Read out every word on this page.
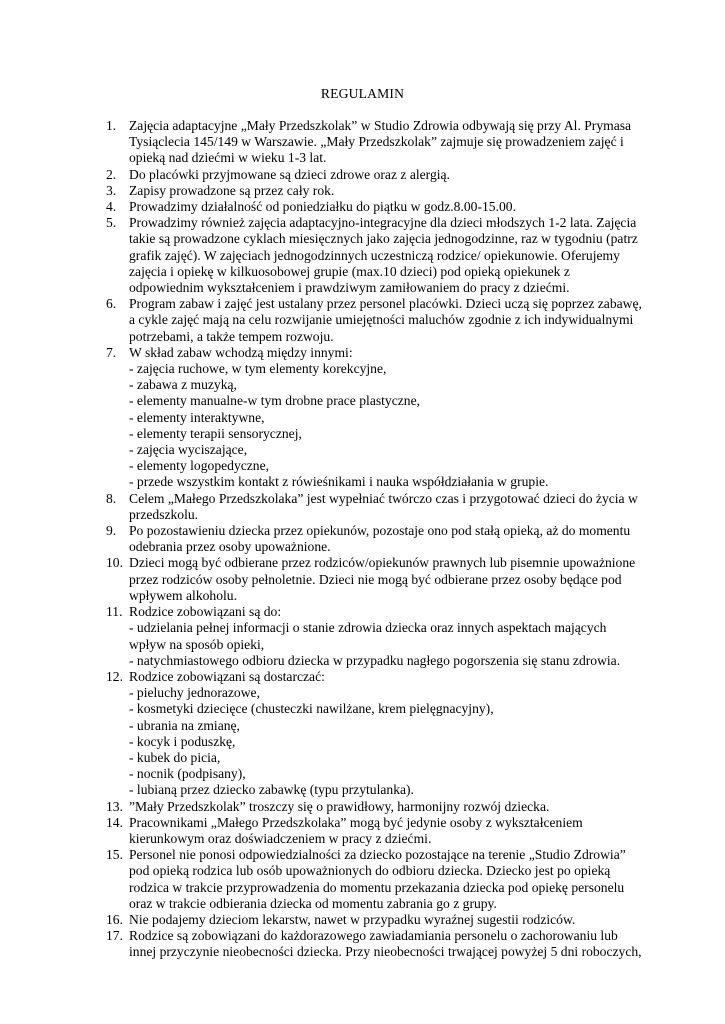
REGULAMIN
1. Zajęcia adaptacyjne „Mały Przedszkolak” w Studio Zdrowia odbywają się przy Al. Prymasa Tysiąclecia 145/149 w Warszawie. „Mały Przedszkolak” zajmuje się prowadzeniem zajęć i opieką nad dziećmi w wieku 1-3 lat.
2. Do placówki przyjmowane są dzieci zdrowe oraz z alergią.
3. Zapisy prowadzone są przez cały rok.
4. Prowadzimy działalność od poniedziałku do piątku w godz.8.00-15.00.
5. Prowadzimy również zajęcia adaptacyjno-integracyjne dla dzieci młodszych 1-2 lata. Zajęcia takie są prowadzone cyklach miesięcznych jako zajęcia jednogodzinne, raz w tygodniu (patrz grafik zajęć). W zajęciach jednogodzinnych uczestniczą rodzice/ opiekunowie. Oferujemy zajęcia i opiekę w kilkuosobowej grupie (max.10 dzieci) pod opieką opiekunek z odpowiednim wykształceniem i prawdziwym zamiłowaniem do pracy z dziećmi.
6. Program zabaw i zajęć jest ustalany przez personel placówki. Dzieci uczą się poprzez zabawę, a cykle zajęć mają na celu rozwijanie umiejętności maluchów zgodnie z ich indywidualnymi potrzebami, a także tempem rozwoju.
7. W skład zabaw wchodzą między innymi:
- zajęcia ruchowe, w tym elementy korekcyjne,
- zabawa z muzyką,
- elementy manualne-w tym drobne prace plastyczne,
- elementy interaktywne,
- elementy terapii sensorycznej,
- zajęcia wyciszające,
- elementy logopedyczne,
- przede wszystkim kontakt z rówieśnikami i nauka współdziałania w grupie.
8. Celem „Małego Przedszkolaka” jest wypełniać twórczo czas i przygotować dzieci do życia w przedszkolu.
9. Po pozostawieniu dziecka przez opiekunów, pozostaje ono pod stałą opieką, aż do momentu odebrania przez osoby upoważnione.
10. Dzieci mogą być odbierane przez rodziców/opiekunów prawnych lub pisemnie upoważnione przez rodziców osoby pełnoletnie. Dzieci nie mogą być odbierane przez osoby będące pod wpływem alkoholu.
11. Rodzice zobowiązani są do:
- udzielania pełnej informacji o stanie zdrowia dziecka oraz innych aspektach mających wpływ na sposób opieki,
- natychmiastowego odbioru dziecka w przypadku nagłego pogorszenia się stanu zdrowia.
12. Rodzice zobowiązani są dostarczać:
- pieluchy jednorazowe,
- kosmetyki dziecięce (chusteczki nawilżane, krem pielęgnacyjny),
- ubrania na zmianę,
- kocyk i poduszkę,
- kubek do picia,
- nocnik (podpisany),
- lubianą przez dziecko zabawkę (typu przytulanka).
13. ”Mały Przedszkolak” troszczy się o prawidłowy, harmonijny rozwój dziecka.
14. Pracownikami „Małego Przedszkolaka” mogą być jedynie osoby z wykształceniem kierunkowym oraz doświadczeniem w pracy z dziećmi.
15. Personel nie ponosi odpowiedzialności za dziecko pozostające na terenie „Studio Zdrowia” pod opieką rodzica lub osób upoważnionych do odbioru dziecka. Dziecko jest po opieką rodzica w trakcie przyprowadzenia do momentu przekazania dziecka pod opiekę personelu oraz w trakcie odbierania dziecka od momentu zabrania go z grupy.
16. Nie podajemy dzieciom lekarstw, nawet w przypadku wyraźnej sugestii rodziców.
17. Rodzice są zobowiązani do każdorazowego zawiadamiania personelu o zachorowaniu lub innej przyczynie nieobecności dziecka. Przy nieobecności trwającej powyżej 5 dni roboczych,
